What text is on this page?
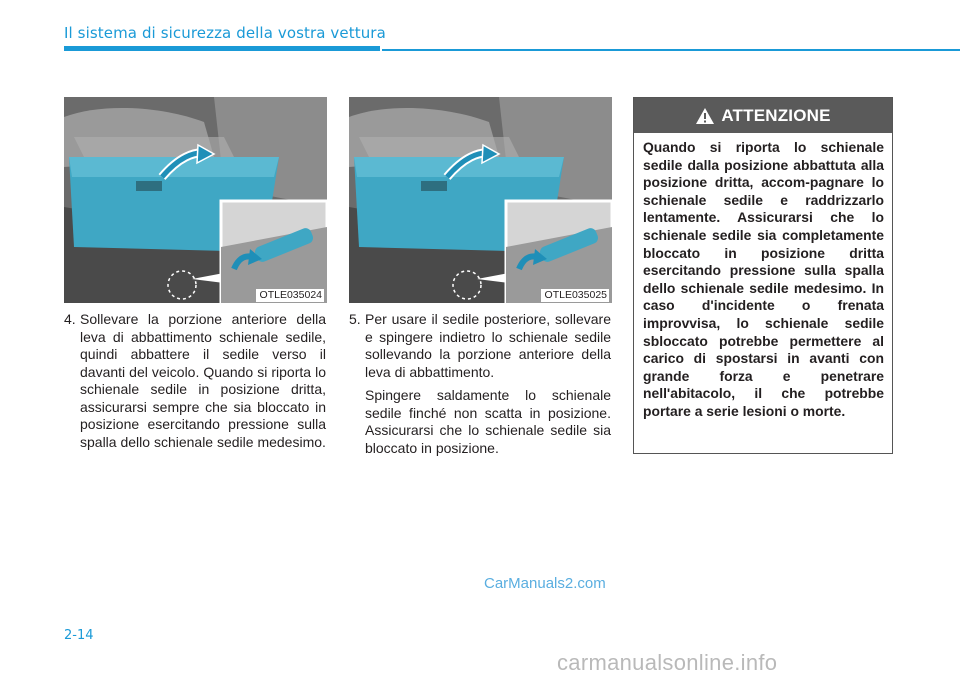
Il sistema di sicurezza della vostra vettura
OTLE035024	OTLE035025
4. Sollevare la porzione anteriore della leva di abbattimento schienale sedile, quindi abbattere il sedile verso il davanti del veicolo. Quando si riporta lo schienale sedile in posizione dritta, assicurarsi sempre che sia bloccato in posizione esercitando pressione sulla spalla dello schienale sedile medesimo.

5. Per usare il sedile posteriore, sollevare e spingere indietro lo schienale sedile sollevando la porzione anteriore della leva di abbattimento.

Spingere saldamente lo schienale sedile finché non scatta in posizione. Assicurarsi che lo schienale sedile sia bloccato in posizione.

ATTENZIONE
Quando si riporta lo schienale sedile dalla posizione abbattuta alla posizione dritta, accom-pagnare lo schienale sedile e raddrizzarlo lentamente. Assicurarsi che lo schienale sedile sia completamente bloccato in posizione dritta esercitando pressione sulla spalla dello schienale sedile medesimo. In caso d'incidente o frenata improvvisa, lo schienale sedile sbloccato potrebbe permettere al carico di spostarsi in avanti con grande forza e penetrare nell'abitacolo, il che potrebbe portare a serie lesioni o morte.
CarManuals2.com
2-14
carmanualsonline.info
